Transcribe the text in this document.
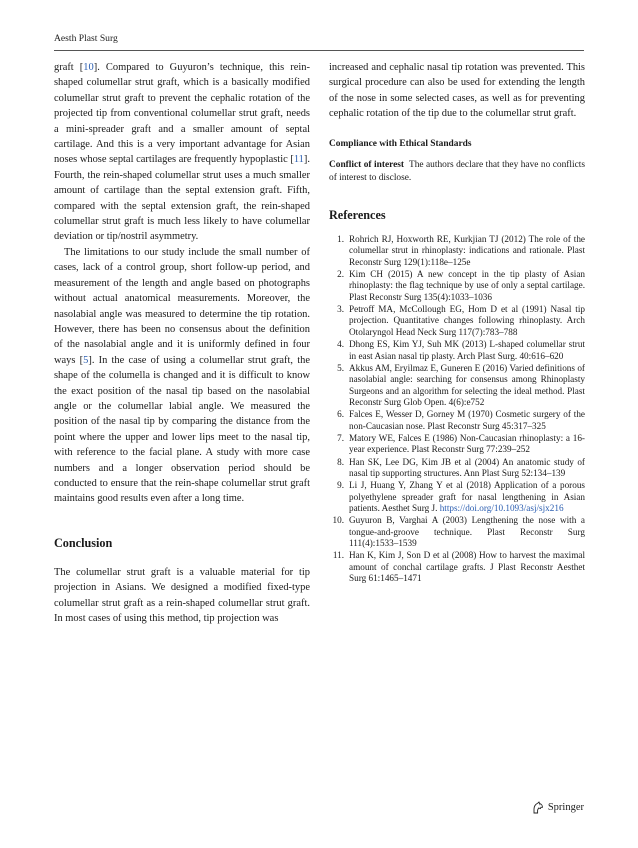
Aesth Plast Surg

graft [10]. Compared to Guyuron’s technique, this rein-shaped columellar strut graft, which is a basically modified columellar strut graft to prevent the cephalic rotation of the projected tip from conventional columellar strut graft, needs a mini-spreader graft and a smaller amount of septal cartilage. And this is a very important advantage for Asian noses whose septal cartilages are frequently hypoplastic [11]. Fourth, the rein-shaped columellar strut uses a much smaller amount of cartilage than the septal extension graft. Fifth, compared with the septal extension graft, the rein-shaped columellar strut graft is much less likely to have columellar deviation or tip/nostril asymmetry.

The limitations to our study include the small number of cases, lack of a control group, short follow-up period, and measurement of the length and angle based on photographs without actual anatomical measurements. Moreover, the nasolabial angle was measured to determine the tip rotation. However, there has been no consensus about the definition of the nasolabial angle and it is uniformly defined in four ways [5]. In the case of using a columellar strut graft, the shape of the columella is changed and it is difficult to know the exact position of the nasal tip based on the nasolabial angle or the columellar labial angle. We measured the position of the nasal tip by comparing the distance from the point where the upper and lower lips meet to the nasal tip, with reference to the facial plane. A study with more case numbers and a longer observation period should be conducted to ensure that the rein-shape columellar strut graft maintains good results even after a long time.

Conclusion

The columellar strut graft is a valuable material for tip projection in Asians. We designed a modified fixed-type columellar strut graft as a rein-shaped columellar strut graft. In most cases of using this method, tip projection was

increased and cephalic nasal tip rotation was prevented. This surgical procedure can also be used for extending the length of the nose in some selected cases, as well as for preventing cephalic rotation of the tip due to the columellar strut graft.

Compliance with Ethical Standards

Conflict of interest The authors declare that they have no conflicts of interest to disclose.

References
1. Rohrich RJ, Hoxworth RE, Kurkjian TJ (2012) The role of the columellar strut in rhinoplasty: indications and rationale. Plast Reconstr Surg 129(1):118e–125e
2. Kim CH (2015) A new concept in the tip plasty of Asian rhinoplasty: the flag technique by use of only a septal cartilage. Plast Reconstr Surg 135(4):1033–1036
3. Petroff MA, McCollough EG, Hom D et al (1991) Nasal tip projection. Quantitative changes following rhinoplasty. Arch Otolaryngol Head Neck Surg 117(7):783–788
4. Dhong ES, Kim YJ, Suh MK (2013) L-shaped columellar strut in east Asian nasal tip plasty. Arch Plast Surg. 40:616–620
5. Akkus AM, Eryilmaz E, Guneren E (2016) Varied definitions of nasolabial angle: searching for consensus among Rhinoplasty Surgeons and an algorithm for selecting the ideal method. Plast Reconstr Surg Glob Open. 4(6):e752
6. Falces E, Wesser D, Gorney M (1970) Cosmetic surgery of the non-Caucasian nose. Plast Reconstr Surg 45:317–325
7. Matory WE, Falces E (1986) Non-Caucasian rhinoplasty: a 16-year experience. Plast Reconstr Surg 77:239–252
8. Han SK, Lee DG, Kim JB et al (2004) An anatomic study of nasal tip supporting structures. Ann Plast Surg 52:134–139
9. Li J, Huang Y, Zhang Y et al (2018) Application of a porous polyethylene spreader graft for nasal lengthening in Asian patients. Aesthet Surg J. https://doi.org/10.1093/asj/sjx216
10. Guyuron B, Varghai A (2003) Lengthening the nose with a tongue-and-groove technique. Plast Reconstr Surg 111(4):1533–1539
11. Han K, Kim J, Son D et al (2008) How to harvest the maximal amount of conchal cartilage grafts. J Plast Reconstr Aesthet Surg 61:1465–1471
Springer
